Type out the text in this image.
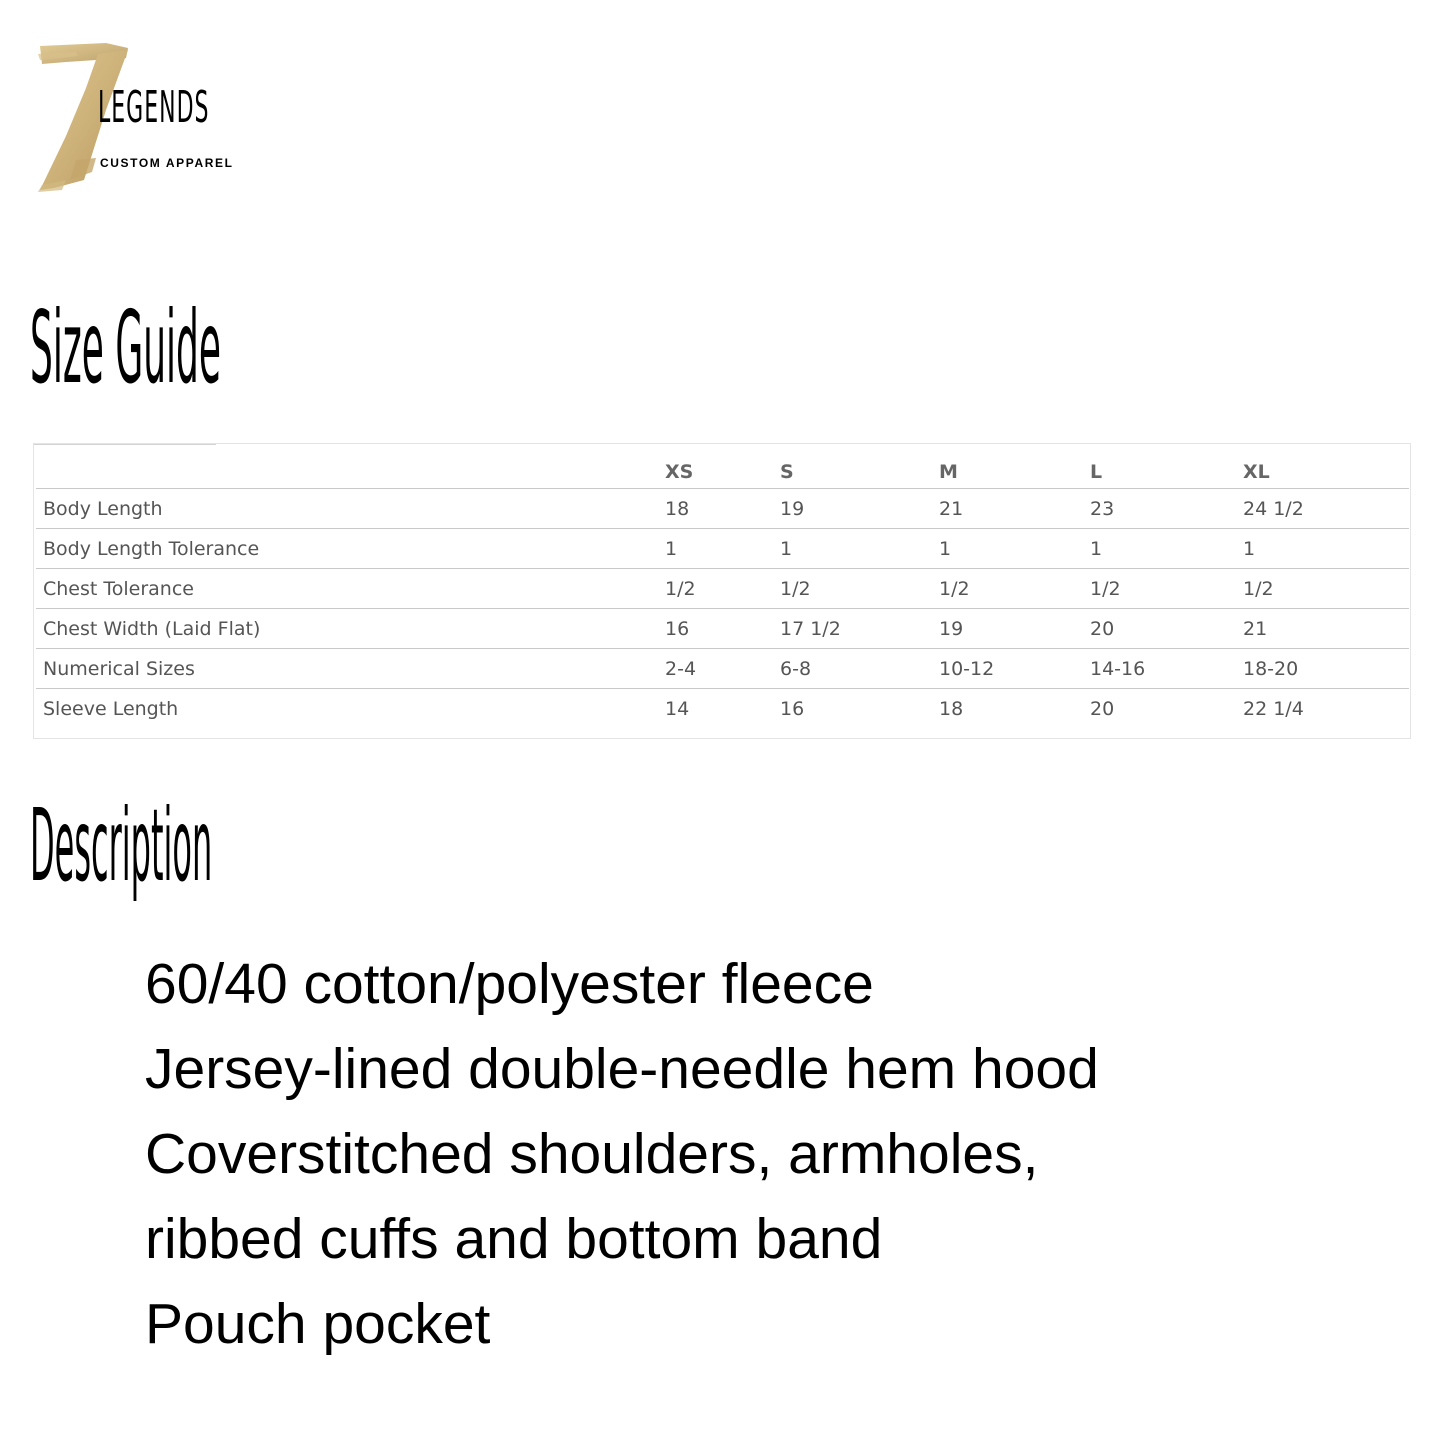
LEGENDS
CUSTOM APPAREL
Size Guide
	XS	S	M	L	XL
Body Length	18	19	21	23	24 1/2
Body Length Tolerance	1	1	1	1	1
Chest Tolerance	1/2	1/2	1/2	1/2	1/2
Chest Width (Laid Flat)	16	17 1/2	19	20	21
Numerical Sizes	2-4	6-8	10-12	14-16	18-20
Sleeve Length	14	16	18	20	22 1/4
Description
60/40 cotton/polyester fleece
Jersey-lined double-needle hem hood
Coverstitched shoulders, armholes,
ribbed cuffs and bottom band
Pouch pocket
